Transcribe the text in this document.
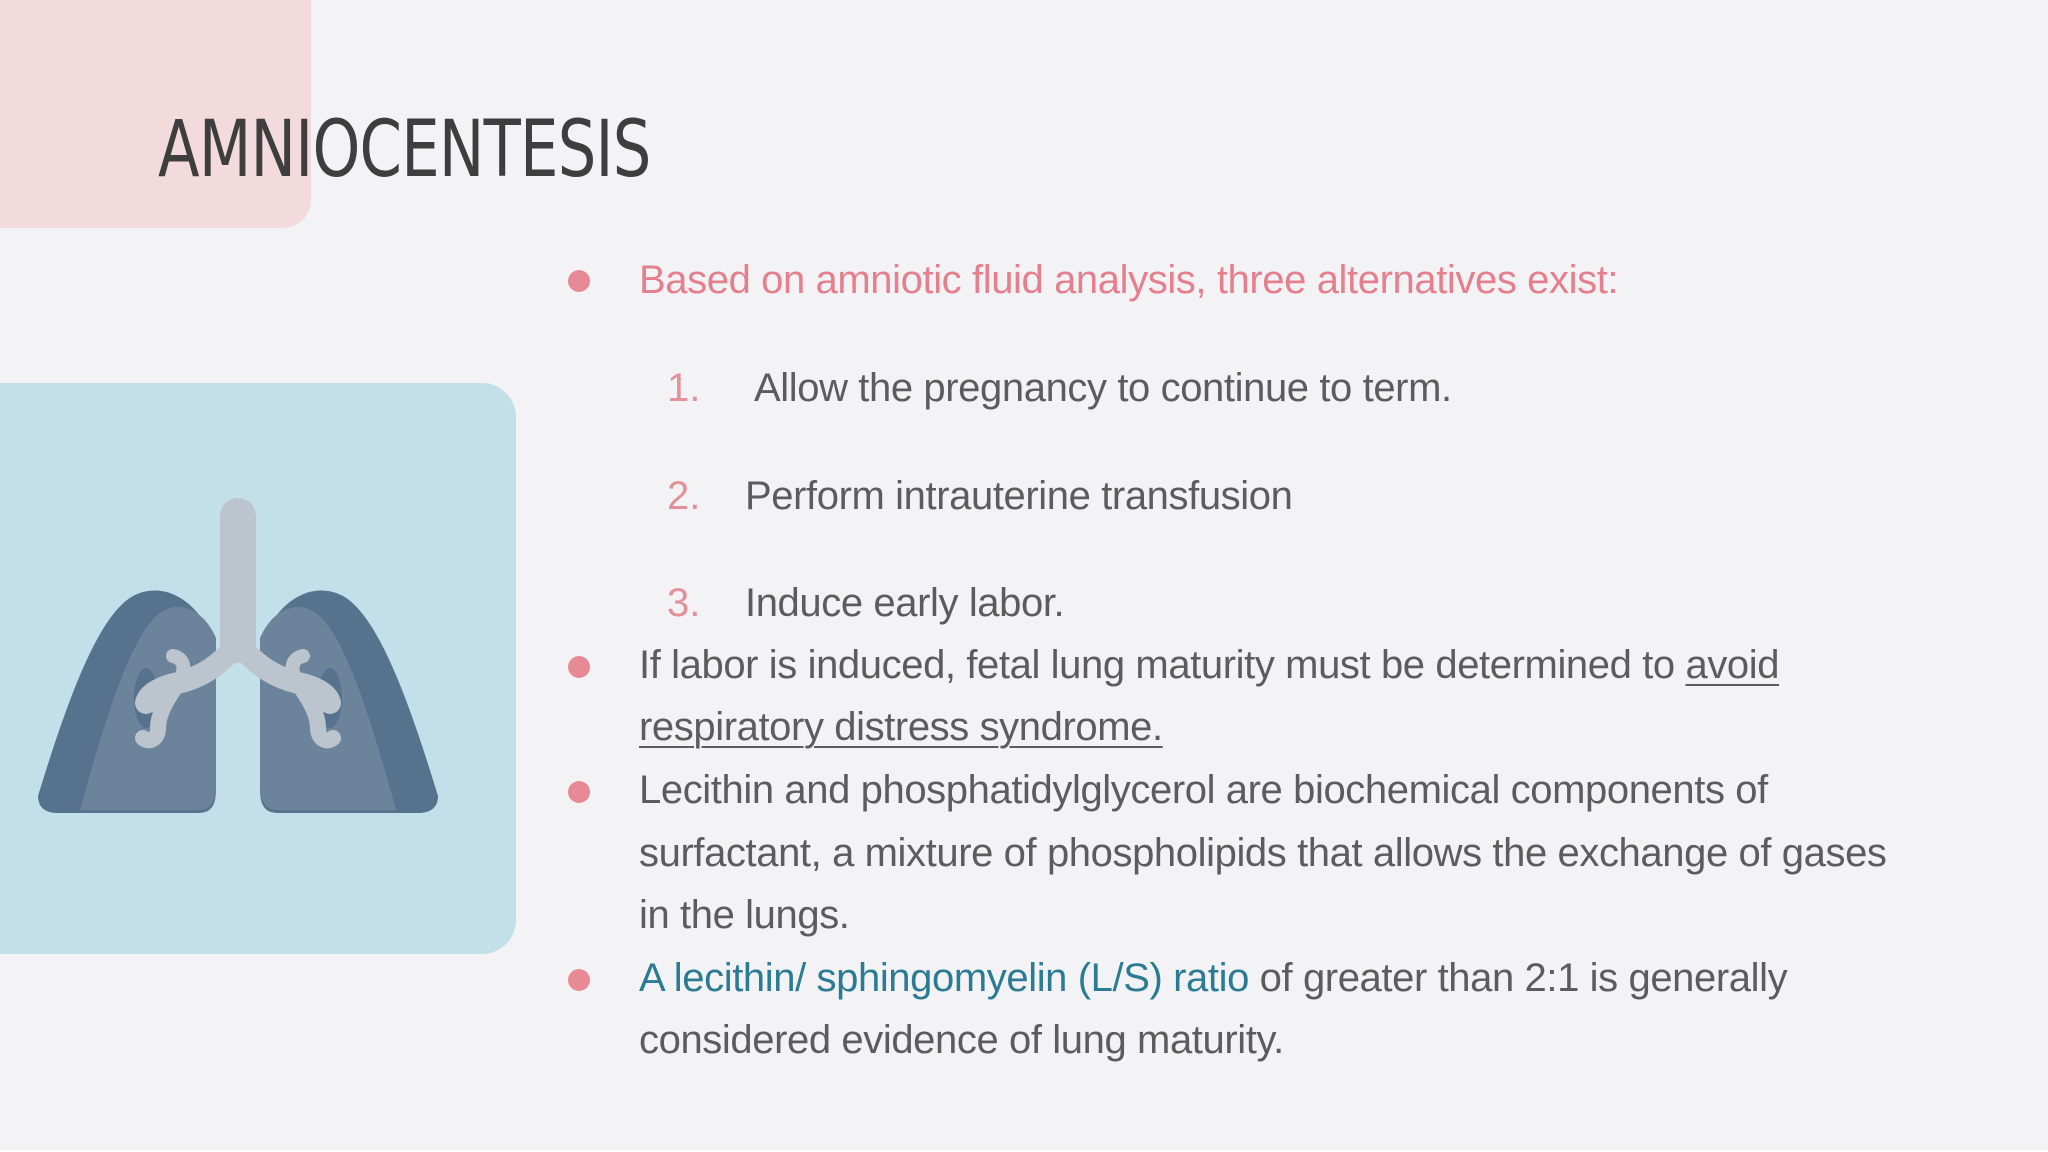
AMNIOCENTESIS
Based on amniotic fluid analysis, three alternatives exist:
1. Allow the pregnancy to continue to term.
2. Perform intrauterine transfusion
3. Induce early labor.
If labor is induced, fetal lung maturity must be determined to avoid
respiratory distress syndrome.
Lecithin and phosphatidylglycerol are biochemical components of
surfactant, a mixture of phospholipids that allows the exchange of gases
in the lungs.
A lecithin/ sphingomyelin (L/S) ratio of greater than 2:1 is generally
considered evidence of lung maturity.
